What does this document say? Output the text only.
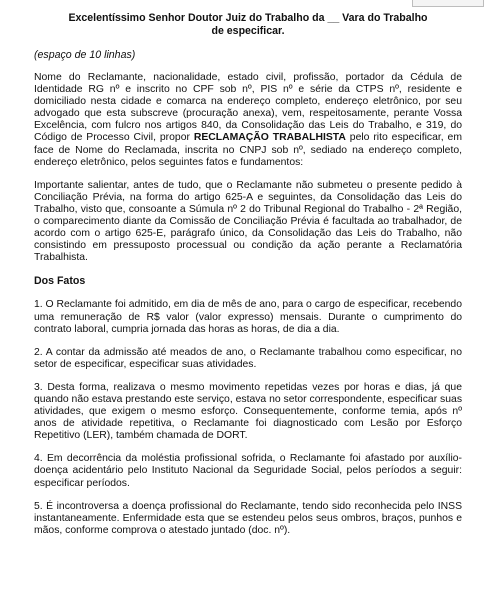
Excelentíssimo Senhor Doutor Juiz do Trabalho da __ Vara do Trabalho
de especificar.
(espaço de 10 linhas)

Nome do Reclamante, nacionalidade, estado civil, profissão, portador da Cédula de Identidade RG nº e inscrito no CPF sob nº, PIS nº e série da CTPS nº, residente e domiciliado nesta cidade e comarca na endereço completo, endereço eletrônico, por seu advogado que esta subscreve (procuração anexa), vem, respeitosamente, perante Vossa Excelência, com fulcro nos artigos 840, da Consolidação das Leis do Trabalho, e 319, do Código de Processo Civil, propor RECLAMAÇÃO TRABALHISTA pelo rito especificar, em face de Nome do Reclamada, inscrita no CNPJ sob nº, sediado na endereço completo, endereço eletrônico, pelos seguintes fatos e fundamentos:

Importante salientar, antes de tudo, que o Reclamante não submeteu o presente pedido à Conciliação Prévia, na forma do artigo 625-A e seguintes, da Consolidação das Leis do Trabalho, visto que, consoante a Súmula nº 2 do Tribunal Regional do Trabalho - 2ª Região, o comparecimento diante da Comissão de Conciliação Prévia é facultada ao trabalhador, de acordo com o artigo 625-E, parágrafo único, da Consolidação das Leis do Trabalho, não consistindo em pressuposto processual ou condição da ação perante a Reclamatória Trabalhista.

Dos Fatos

1. O Reclamante foi admitido, em dia de mês de ano, para o cargo de especificar, recebendo uma remuneração de R$ valor (valor expresso) mensais. Durante o cumprimento do contrato laboral, cumpria jornada das horas as horas, de dia a dia.

2. A contar da admissão até meados de ano, o Reclamante trabalhou como especificar, no setor de especificar, especificar suas atividades.

3. Desta forma, realizava o mesmo movimento repetidas vezes por horas e dias, já que quando não estava prestando este serviço, estava no setor correspondente, especificar suas atividades, que exigem o mesmo esforço. Consequentemente, conforme temia, após nº anos de atividade repetitiva, o Reclamante foi diagnosticado com Lesão por Esforço Repetitivo (LER), também chamada de DORT.

4. Em decorrência da moléstia profissional sofrida, o Reclamante foi afastado por auxílio-doença acidentário pelo Instituto Nacional da Seguridade Social, pelos períodos a seguir: especificar períodos.

5. É incontroversa a doença profissional do Reclamante, tendo sido reconhecida pelo INSS instantaneamente. Enfermidade esta que se estendeu pelos seus ombros, braços, punhos e mãos, conforme comprova o atestado juntado (doc. nº).
